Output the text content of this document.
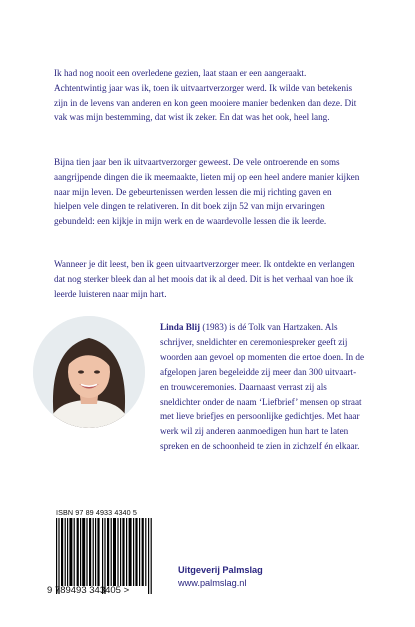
Ik had nog nooit een overledene gezien, laat staan er een aangeraakt. Achtentwintig jaar was ik, toen ik uitvaartverzorger werd. Ik wilde van betekenis zijn in de levens van anderen en kon geen mooiere manier bedenken dan deze. Dit vak was mijn bestemming, dat wist ik zeker. En dat was het ook, heel lang.

Bijna tien jaar ben ik uitvaartverzorger geweest. De vele ontroerende en soms aangrijpende dingen die ik meemaakte, lieten mij op een heel andere manier kijken naar mijn leven. De gebeurtenissen werden lessen die mij richting gaven en hielpen vele dingen te relativeren. In dit boek zijn 52 van mijn ervaringen gebundeld: een kijkje in mijn werk en de waardevolle lessen die ik leerde.

Wanneer je dit leest, ben ik geen uitvaartverzorger meer. Ik ontdekte en verlangen dat nog sterker bleek dan al het moois dat ik al deed. Dit is het verhaal van hoe ik leerde luisteren naar mijn hart.

Linda Blij (1983) is dé Tolk van Hartzaken. Als schrijver, sneldichter en ceremoniespreker geeft zij woorden aan gevoel op momenten die ertoe doen. In de afgelopen jaren begeleidde zij meer dan 300 uitvaart- en trouwceremonies. Daarnaast verrast zij als sneldichter onder de naam ‘Liefbrief’ mensen op straat met lieve briefjes en persoonlijke gedichtjes. Met haar werk wil zij anderen aanmoedigen hun hart te laten spreken en de schoonheid te zien in zichzelf én elkaar.

ISBN 97 89 4933 4340 5
9 789493 343405 >
Uitgeverij Palmslag
www.palmslag.nl
